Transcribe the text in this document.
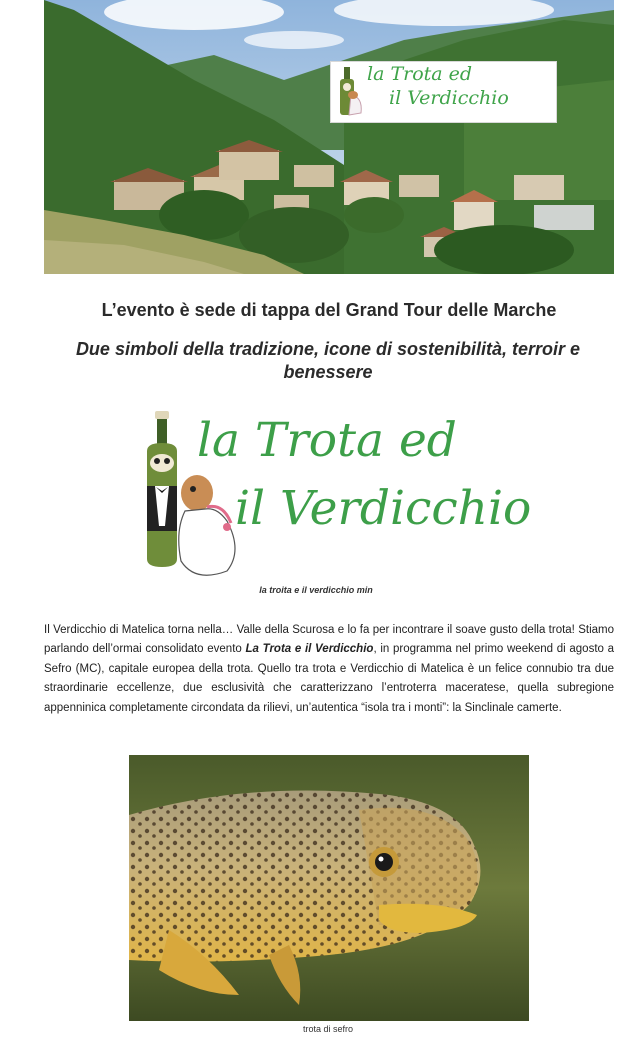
la Trota ed
il Verdicchio
L’evento è sede di tappa del Grand Tour delle Marche
Due simboli della tradizione, icone di sostenibilità, terroir e benessere
la Trota ed
il Verdicchio
la troita e il verdicchio min

Il Verdicchio di Matelica torna nella… Valle della Scurosa e lo fa per incontrare il soave gusto della trota! Stiamo parlando dell’ormai consolidato evento La Trota e il Verdicchio, in programma nel primo weekend di agosto a Sefro (MC), capitale europea della trota. Quello tra trota e Verdicchio di Matelica è un felice connubio tra due straordinarie eccellenze, due esclusività che caratterizzano l’entroterra maceratese, quella subregione appenninica completamente circondata da rilievi, un’autentica “isola tra i monti”: la Sinclinale camerte.

trota di sefro
